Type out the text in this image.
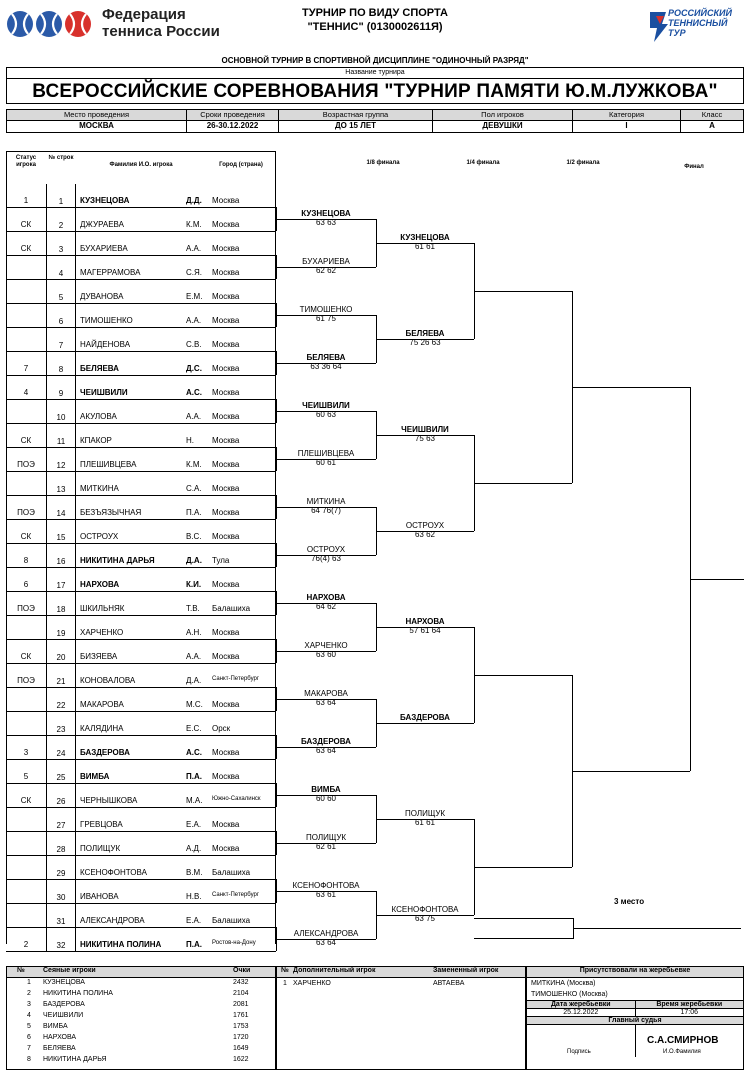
Федерация
тенниса России
ТУРНИР ПО ВИДУ СПОРТА
"ТЕННИС" (0130002611Я)
РОССИЙСКИЙ
ТЕННИСНЫЙ
ТУР
ОСНОВНОЙ ТУРНИР В СПОРТИВНОЙ ДИСЦИПЛИНЕ "ОДИНОЧНЫЙ РАЗРЯД"
Название турнира
ВСЕРОССИЙСКИЕ СОРЕВНОВАНИЯ "ТУРНИР ПАМЯТИ Ю.М.ЛУЖКОВА"
Место проведения
МОСКВА
Сроки проведения
26-30.12.2022
Возрастная группа
ДО 15 ЛЕТ
Пол игроков
ДЕВУШКИ
Категория
I
Класс
А
Статус игрока
№ строк
Фамилия И.О. игрока	Город (страна)	1/8 финала	1/4 финала	1/2 финала
Финал
1	1	КУЗНЕЦОВА	Д.Д. Москва
СК	2	ДЖУРАЕВА	К.М. Москва
СК	3	БУХАРИЕВА	А.А. Москва
4	МАГЕРРАМОВА	С.Я. Москва
5	ДУВАНОВА	Е.М. Москва
6	ТИМОШЕНКО	А.А. Москва
7	НАЙДЕНОВА	С.В. Москва
7	8	БЕЛЯЕВА	Д.С. Москва
4	9	ЧЕИШВИЛИ	А.С. Москва
10	АКУЛОВА	А.А. Москва
СК	11	КПАКОР	Н. Москва
ПОЭ	12	ПЛЕШИВЦЕВА	К.М. Москва
13	МИТКИНА	С.А. Москва
ПОЭ	14	БЕЗЪЯЗЫЧНАЯ	П.А. Москва
СК	15	ОСТРОУХ	В.С. Москва
8	16	НИКИТИНА ДАРЬЯ	Д.А. Тула
6	17	НАРХОВА	К.И. Москва
ПОЭ	18	ШКИЛЬНЯК	Т.В. Балашиха
19	ХАРЧЕНКО	А.Н. Москва
СК	20	БИЗЯЕВА	А.А. Москва
ПОЭ	21	КОНОВАЛОВА	Д.А. Санкт-Петербург
22	МАКАРОВА	М.С. Москва
23	КАЛЯДИНА	Е.С. Орск
3	24	БАЗДЕРОВА	А.С. Москва
5	25	ВИМБА	П.А. Москва
СК	26	ЧЕРНЫШКОВА	М.А. Южно-Сахалинск
27	ГРЕВЦОВА	Е.А. Москва
28	ПОЛИЩУК	А.Д. Москва
29	КСЕНОФОНТОВА	В.М. Балашиха
30	ИВАНОВА	Н.В. Санкт-Петербург
31	АЛЕКСАНДРОВА	Е.А. Балашиха
2	32	НИКИТИНА ПОЛИНА	П.А. Ростов-на-Дону
КУЗНЕЦОВА
63 63
БУХАРИЕВА
62 62
ТИМОШЕНКО
61 75
БЕЛЯЕВА
63 36 64
ЧЕИШВИЛИ
60 63
ПЛЕШИВЦЕВА
60 61
МИТКИНА
64 76(7)
ОСТРОУХ
76(4) 63
НАРХОВА
64 62
ХАРЧЕНКО
63 60
МАКАРОВА
63 64
БАЗДЕРОВА
63 64
ВИМБА
60 60
ПОЛИЩУК
62 61
КСЕНОФОНТОВА
63 61
АЛЕКСАНДРОВА
63 64
КУЗНЕЦОВА
61 61
БЕЛЯЕВА
75 26 63
ЧЕИШВИЛИ
75 63
ОСТРОУХ
63 62
НАРХОВА
57 61 64
БАЗДЕРОВА
ПОЛИЩУК
61 61
КСЕНОФОНТОВА
63 75
3 место
№	Сеяные игроки	Очки
1 КУЗНЕЦОВА	2432
2 НИКИТИНА ПОЛИНА	2104
3 БАЗДЕРОВА	2081
4 ЧЕИШВИЛИ	1761
5 ВИМБА	1753
6 НАРХОВА	1720
7 БЕЛЯЕВА	1649
8 НИКИТИНА ДАРЬЯ	1622
№ Дополнительный игрок	Замененный игрок
1 ХАРЧЕНКО	АВТАЕВА
Присутствовали на жеребьевке
МИТКИНА (Москва)
ТИМОШЕНКО (Москва)
Дата жеребьевки	Время жеребьевки
25.12.2022	17:06
Главный судья
С.А.СМИРНОВ
Подпись	И.О.Фамилия
